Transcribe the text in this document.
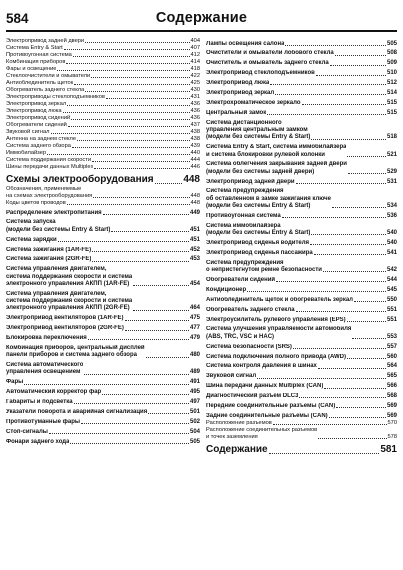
584	Содержание
Электропривод задней двери	404
Система Entry & Start	407
Противоугонная система	412
Комбинация приборов	414
Фары и освещение	418
Стеклоочистители и омыватели	422
Антиоблединитель щеток	425
Обогреватель заднего стекла	430
Электроприводы стеклоподъемников	431
Электропривод зеркал	436
Электропривод люка	436
Электропривод сидений	436
Обогреватели сидений	437
Звуковой сигнал	438
Антенна на заднем стекле	438
Система заднего обзора	439
Иммобилайзер	440
Система поддержания скорости	444
Шины передачи данных Multiplex	446
Схемы электрооборудования	448
Обозначения, применяемые
на схемах электрооборудования	448
Коды цветов проводов	448
Распределение электропитания	449
Система запуска
(модели без системы Entry & Start)	451
Система зарядки	451
Система зажигания (1AR-FE)	452
Система зажигания (2GR-FE)	453
Система управления двигателем,
система поддержания скорости и система
электронного управления АКПП (1AR-FE)	454
Система управления двигателем,
система поддержания скорости и система
электронного управления АКПП (2GR-FE)	464
Электропривод вентиляторов (1AR-FE)	475
Электропривод вентиляторов (2GR-FE)	477
Блокировка переключения	479
Комбинация приборов, центральный дисплей
панели приборов и система заднего обзора	480
Система автоматического
управления освещением	489
Фары	491
Автоматический корректор фар	495
Габариты и подсветка	497
Указатели поворота и аварийная сигнализация	501
Противотуманные фары	502
Стоп-сигналы	504
Фонари заднего хода	505
Лампы освещения салона	505
Очистители и омыватели лобового стекла	508
Очиститель и омыватель заднего стекла	509
Электропривод стеклоподъемников	510
Электропривод люка	512
Электропривод зеркал	514
Электрохроматическое зеркало	515
Центральный замок	515
Система дистанционного
управления центральным замком
(модели без системы Entry & Start)	518
Система Entry & Start, система иммобилайзера
и система блокировки рулевой колонки	521
Система облегчения закрывания задней двери
(модели без системы задней двери)	529
Электропривод задней двери	531
Система предупреждения
об оставленном в замке зажигания ключе
(модели без системы Entry & Start)	534
Противоугонная система	536
Система иммобилайзера
(модели без системы Entry & Start)	540
Электропривод сиденья водителя	540
Электропривод сиденья пассажира	541
Система предупреждения
о непристегнутом ремне безопасности	542
Обогреватели сидений	544
Кондиционер	545
Антиоблединитель щеток и обогреватель зеркал	550
Обогреватель заднего стекла	551
Электроусилитель рулевого управления (EPS)	551
Система улучшения управляемости автомобиля
(ABS, TRC, VSC и HAC)	553
Система безопасности (SRS)	557
Система подключения полного привода (AWD)	560
Система контроля давления в шинах	564
Звуковой сигнал	565
Шина передачи данных Multiplex (CAN)	566
Диагностический разъем DLC3	568
Передние соединительные разъемы (CAN)	569
Задние соединительные разъемы (CAN)	569
Расположение разъемов	570
Расположение соединительных разъемов
и точек заземления	578
Содержание	581
